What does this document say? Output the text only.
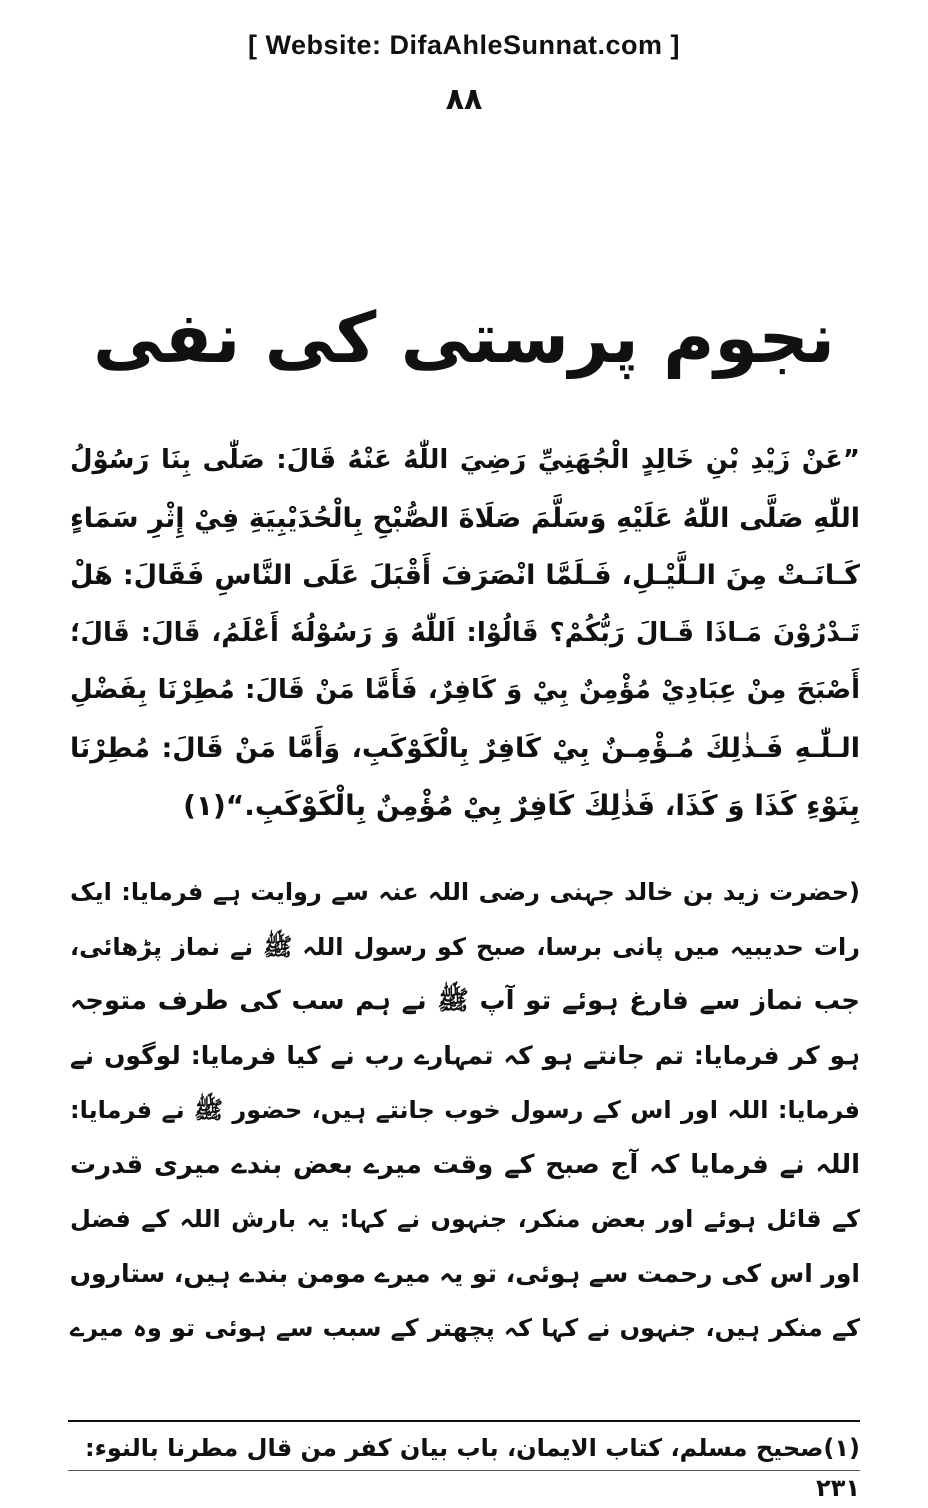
[ Website: DifaAhleSunnat.com ]
٨٨
نجوم پرستی کی نفی
”عَنْ زَيْدِ بْنِ خَالِدٍ الْجُهَنِيِّ رَضِيَ اللّٰهُ عَنْهُ قَالَ: صَلّٰى بِنَا رَسُوْلُ
اللّٰهِ صَلَّى اللّٰهُ عَلَيْهِ وَسَلَّمَ صَلَاةَ الصُّبْحِ بِالْحُدَيْبِيَةِ فِيْ إِثْرِ سَمَاءٍ
كَـانَـتْ مِنَ الـلَّيْـلِ، فَـلَمَّا انْصَرَفَ أَقْبَلَ عَلَى النَّاسِ فَقَالَ: هَلْ
تَـدْرُوْنَ مَـاذَا قَـالَ رَبُّكُمْ؟ قَالُوْا: اَللّٰهُ وَ رَسُوْلُهٗ أَعْلَمُ، قَالَ: قَالَ؛
أَصْبَحَ مِنْ عِبَادِيْ مُؤْمِنٌ بِيْ وَ كَافِرٌ، فَأَمَّا مَنْ قَالَ: مُطِرْنَا بِفَضْلِ
الـلّٰـهِ فَـذٰلِكَ مُـؤْمِـنٌ بِيْ كَافِرٌ بِالْكَوْكَبِ، وَأَمَّا مَنْ قَالَ: مُطِرْنَا
بِنَوْءِ كَذَا وَ كَذَا، فَذٰلِكَ كَافِرٌ بِيْ مُؤْمِنٌ بِالْكَوْكَبِ.“(١)
(حضرت زید بن خالد جہنی رضی اللہ عنہ سے روایت ہے فرمایا: ایک
رات حدیبیہ میں پانی برسا، صبح کو رسول اللہ ﷺ نے نماز پڑھائی،
جب نماز سے فارغ ہوئے تو آپ ﷺ نے ہم سب کی طرف متوجہ
ہو کر فرمایا: تم جانتے ہو کہ تمہارے رب نے کیا فرمایا: لوگوں نے
فرمایا: اللہ اور اس کے رسول خوب جانتے ہیں، حضور ﷺ نے فرمایا:
اللہ نے فرمایا کہ آج صبح کے وقت میرے بعض بندے میری قدرت
کے قائل ہوئے اور بعض منکر، جنہوں نے کہا: یہ بارش اللہ کے فضل
اور اس کی رحمت سے ہوئی، تو یہ میرے مومن بندے ہیں، ستاروں
کے منکر ہیں، جنہوں نے کہا کہ پچھتر کے سبب سے ہوئی تو وہ میرے
(١)صحيح مسلم، كتاب الايمان، باب بيان كفر من قال مطرنا بالنوء: ٢٣١
